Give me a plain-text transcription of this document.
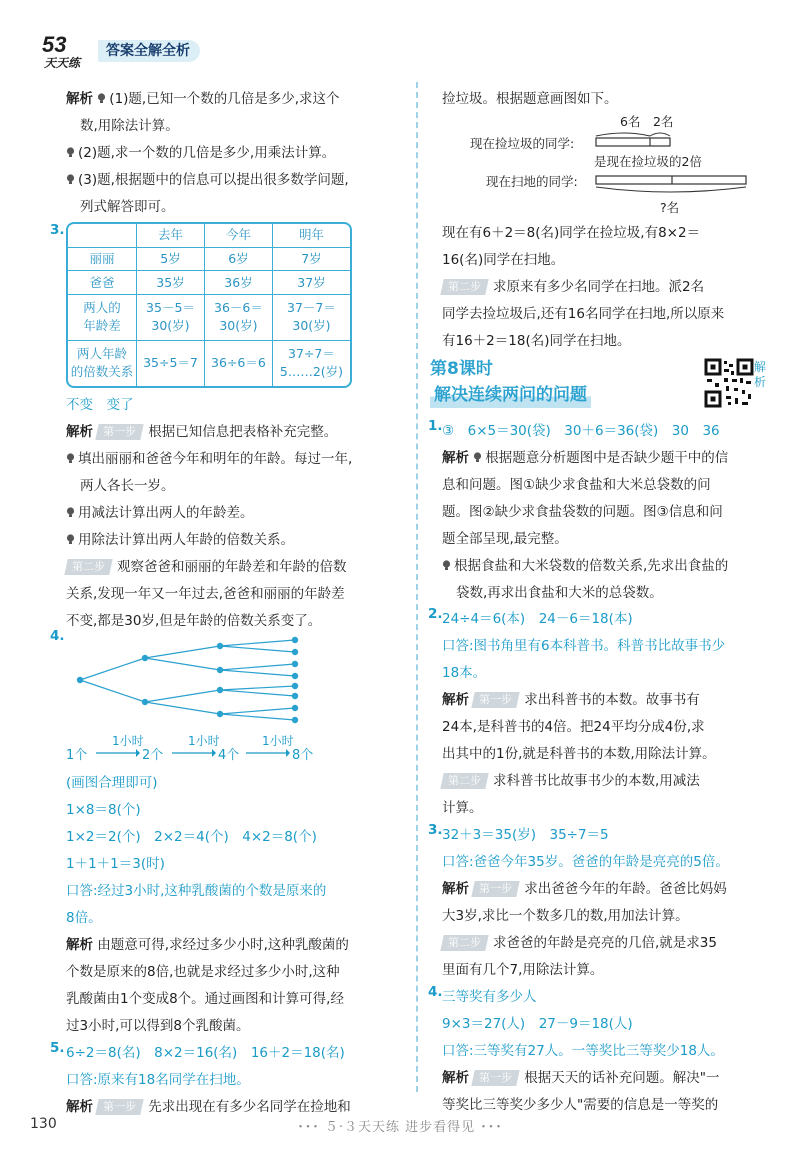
53
天天练
答案全解全析

解析 (1)题,已知一个数的几倍是多少,求这个

数,用除法计算。

(2)题,求一个数的几倍是多少,用乘法计算。

(3)题,根据题中的信息可以提出很多数学问题,

列式解答即可。

3.
		去年	今年	明年
丽丽	5岁	6岁	7岁
爸爸	35岁	36岁	37岁
两人的
年龄差	35－5＝
30(岁)	36－6＝
30(岁)	37－7＝
30(岁)
两人年龄
的倍数关系	35÷5＝7	36÷6＝6	37÷7＝
5……2(岁)

不变　变了

解析 第一步 根据已知信息把表格补充完整。

填出丽丽和爸爸今年和明年的年龄。每过一年,

两人各长一岁。

用减法计算出两人的年龄差。

用除法计算出两人年龄的倍数关系。

第二步 观察爸爸和丽丽的年龄差和年龄的倍数

关系,发现一年又一年过去,爸爸和丽丽的年龄差

不变,都是30岁,但是年龄的倍数关系变了。

4.
1个
1小时
2个
1小时
4个
1小时
8个

(画图合理即可)

1×8＝8(个)

1×2＝2(个)　2×2＝4(个)　4×2＝8(个)

1＋1＋1＝3(时)

口答:经过3小时,这种乳酸菌的个数是原来的

8倍。

解析 由题意可得,求经过多少小时,这种乳酸菌的

个数是原来的8倍,也就是求经过多少小时,这种

乳酸菌由1个变成8个。通过画图和计算可得,经

过3小时,可以得到8个乳酸菌。

5. 6÷2＝8(名)　8×2＝16(名)　16＋2＝18(名)

口答:原来有18名同学在扫地。

解析 第一步 先求出现在有多少名同学在捡地和

捡垃圾。根据题意画图如下。

6名　2名
现在捡垃圾的同学:
是现在捡垃圾的2倍
现在扫地的同学:
?名

现在有6＋2＝8(名)同学在捡垃圾,有8×2＝

16(名)同学在扫地。

第二步 求原来有多少名同学在扫地。派2名

同学去捡垃圾后,还有16名同学在扫地,所以原来

有16＋2＝18(名)同学在扫地。

第8课时
解决连续两问的问题
解析
1. ③　6×5＝30(袋)　30＋6＝36(袋)　30　36

解析 根据题意分析题图中是否缺少题干中的信

息和问题。图①缺少求食盐和大米总袋数的问

题。图②缺少求食盐袋数的问题。图③信息和问

题全部呈现,最完整。

根据食盐和大米袋数的倍数关系,先求出食盐的

袋数,再求出食盐和大米的总袋数。

2. 24÷4＝6(本)　24－6＝18(本)

口答:图书角里有6本科普书。科普书比故事书少

18本。

解析 第一步 求出科普书的本数。故事书有

24本,是科普书的4倍。把24平均分成4份,求

出其中的1份,就是科普书的本数,用除法计算。

第二步 求科普书比故事书少的本数,用减法

计算。

3. 32＋3＝35(岁)　35÷7＝5

口答:爸爸今年35岁。爸爸的年龄是亮亮的5倍。

解析 第一步 求出爸爸今年的年龄。爸爸比妈妈

大3岁,求比一个数多几的数,用加法计算。

第二步 求爸爸的年龄是亮亮的几倍,就是求35

里面有几个7,用除法计算。

4. 三等奖有多少人

9×3＝27(人)　27－9＝18(人)

口答:三等奖有27人。一等奖比三等奖少18人。

解析 第一步 根据天天的话补充问题。解决"一

等奖比三等奖少多少人"需要的信息是一等奖的

130	･･･ ５·３天天练 进步看得见 ･･･
